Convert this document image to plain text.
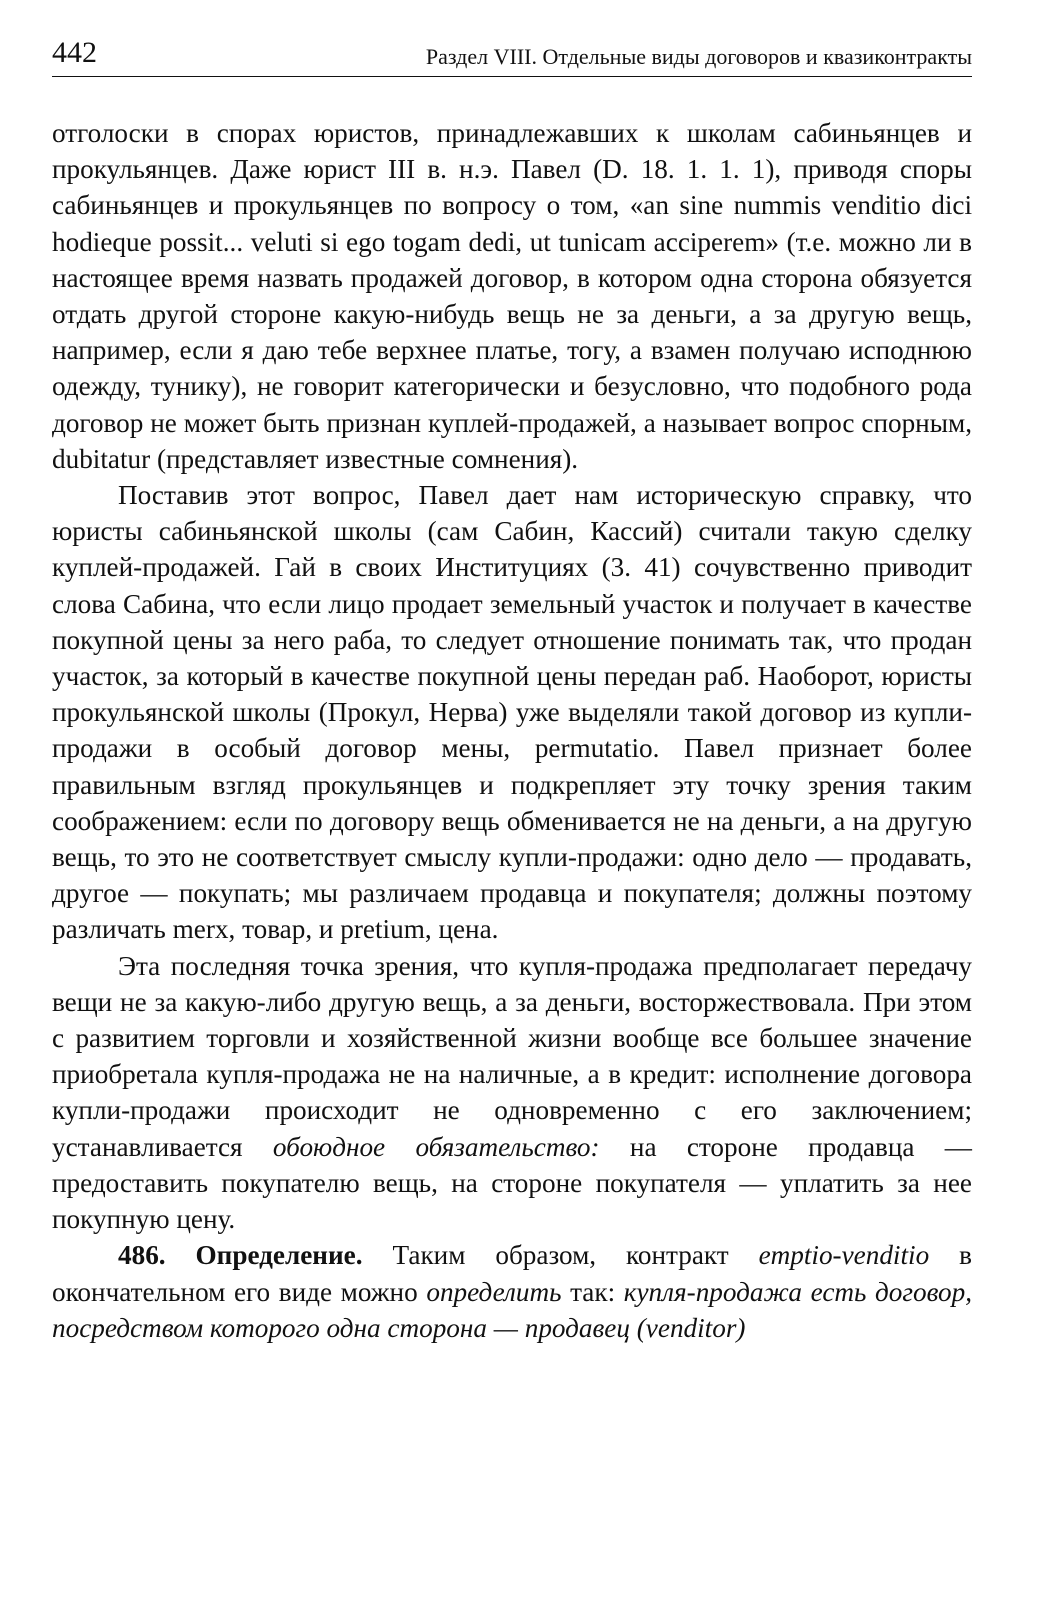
442	Раздел VIII. Отдельные виды договоров и квазиконтракты

отголоски в спорах юристов, принадлежавших к школам сабиньянцев и прокульянцев. Даже юрист III в. н.э. Павел (D. 18. 1. 1. 1), приводя споры сабиньянцев и прокульянцев по вопросу о том, «an sine nummis venditio dici hodieque possit... veluti si ego togam dedi, ut tunicam acciperem» (т.е. можно ли в настоящее время назвать продажей договор, в котором одна сторона обязуется отдать другой стороне какую-нибудь вещь не за деньги, а за другую вещь, например, если я даю тебе верхнее платье, тогу, а взамен получаю исподнюю одежду, тунику), не говорит категорически и безусловно, что подобного рода договор не может быть признан куплей-продажей, а называет вопрос спорным, dubitatur (представляет известные сомнения).

Поставив этот вопрос, Павел дает нам историческую справку, что юристы сабиньянской школы (сам Сабин, Кассий) считали такую сделку куплей-продажей. Гай в своих Институциях (3. 41) сочувственно приводит слова Сабина, что если лицо продает земельный участок и получает в качестве покупной цены за него раба, то следует отношение понимать так, что продан участок, за который в качестве покупной цены передан раб. Наоборот, юристы прокульянской школы (Прокул, Нерва) уже выделяли такой договор из купли-продажи в особый договор мены, permutatio. Павел признает более правильным взгляд прокульянцев и подкрепляет эту точку зрения таким соображением: если по договору вещь обменивается не на деньги, а на другую вещь, то это не соответствует смыслу купли-продажи: одно дело — продавать, другое — покупать; мы различаем продавца и покупателя; должны поэтому различать merx, товар, и pretium, цена.

Эта последняя точка зрения, что купля-продажа предполагает передачу вещи не за какую-либо другую вещь, а за деньги, восторжествовала. При этом с развитием торговли и хозяйственной жизни вообще все большее значение приобретала купля-продажа не на наличные, а в кредит: исполнение договора купли-продажи происходит не одновременно с его заключением; устанавливается обоюдное обязательство: на стороне продавца — предоставить покупателю вещь, на стороне покупателя — уплатить за нее покупную цену.

486. Определение. Таким образом, контракт emptio-venditio в окончательном его виде можно определить так: купля-продажа есть договор, посредством которого одна сторона — продавец (venditor)
